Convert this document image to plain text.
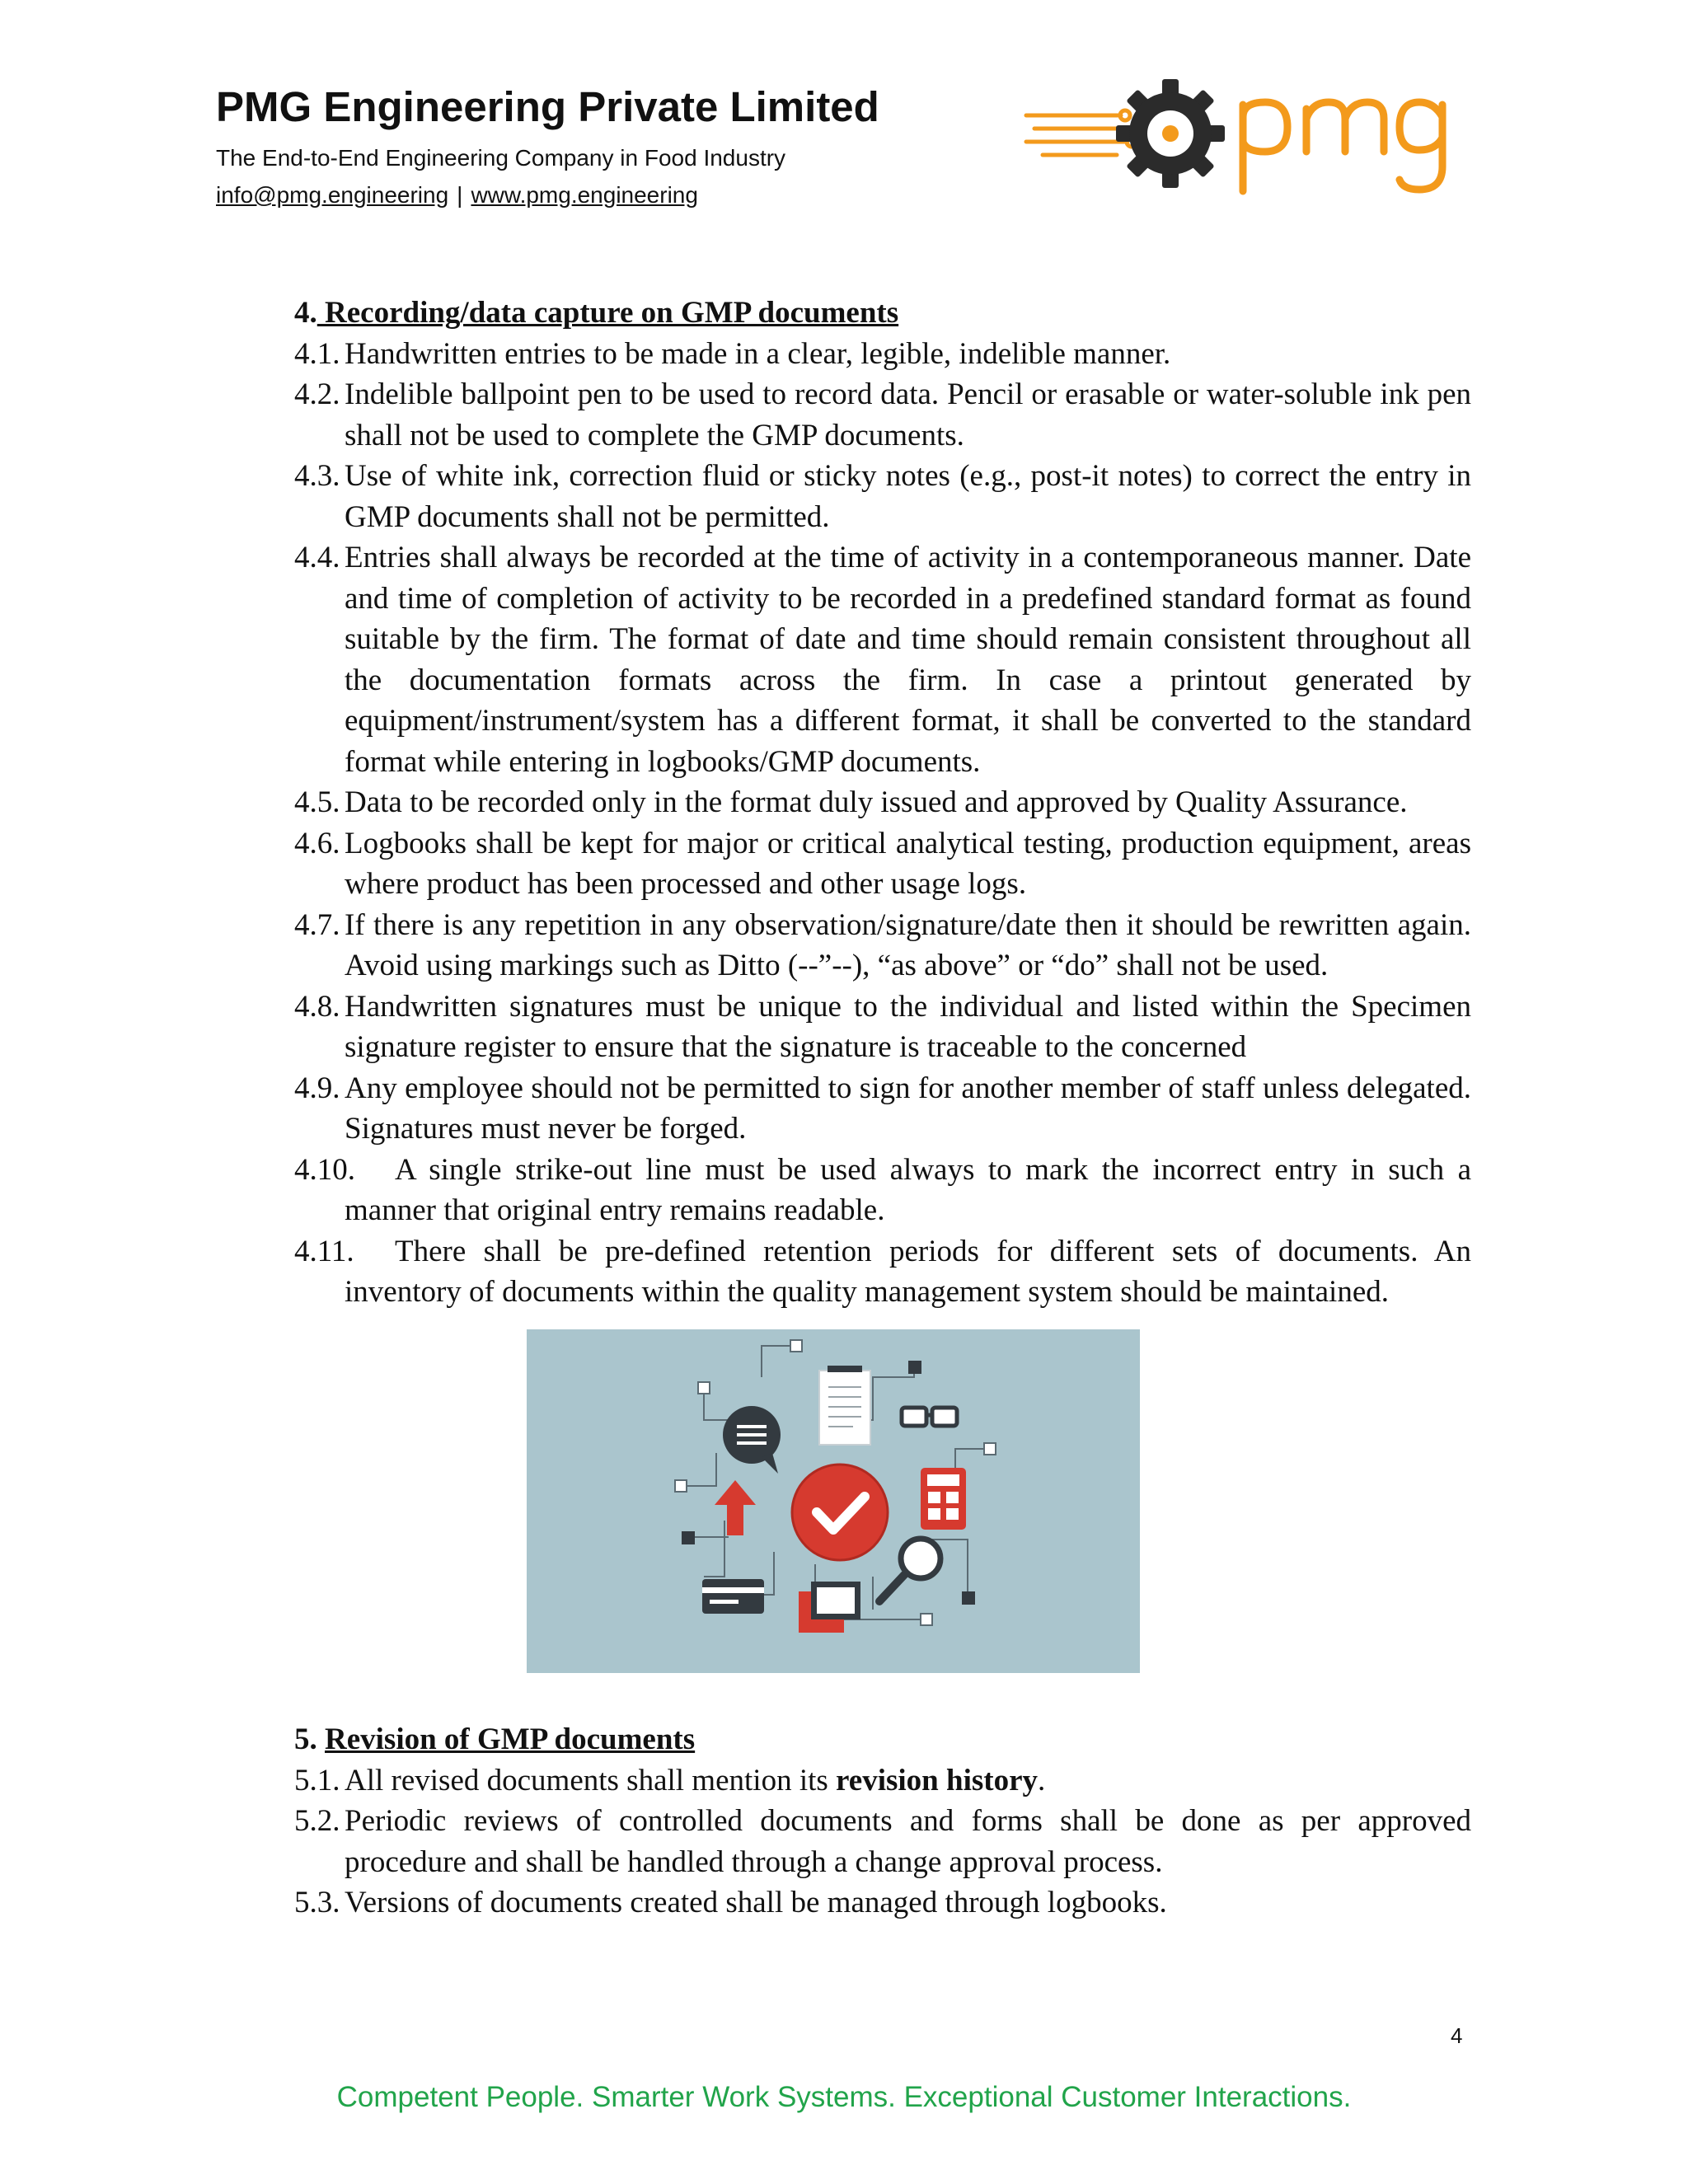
PMG Engineering Private Limited
The End-to-End Engineering Company in Food Industry
info@pmg.engineering | www.pmg.engineering
4. Recording/data capture on GMP documents
4.1. Handwritten entries to be made in a clear, legible, indelible manner.
4.2. Indelible ballpoint pen to be used to record data. Pencil or erasable or water-soluble ink pen shall not be used to complete the GMP documents.
4.3. Use of white ink, correction fluid or sticky notes (e.g., post-it notes) to correct the entry in GMP documents shall not be permitted.
4.4. Entries shall always be recorded at the time of activity in a contemporaneous manner. Date and time of completion of activity to be recorded in a predefined standard format as found suitable by the firm. The format of date and time should remain consistent throughout all the documentation formats across the firm. In case a printout generated by equipment/instrument/system has a different format, it shall be converted to the standard format while entering in logbooks/GMP documents.
4.5. Data to be recorded only in the format duly issued and approved by Quality Assurance.
4.6. Logbooks shall be kept for major or critical analytical testing, production equipment, areas where product has been processed and other usage logs.
4.7. If there is any repetition in any observation/signature/date then it should be rewritten again. Avoid using markings such as Ditto (--”--), “as above” or “do” shall not be used.
4.8. Handwritten signatures must be unique to the individual and listed within the Specimen signature register to ensure that the signature is traceable to the concerned
4.9. Any employee should not be permitted to sign for another member of staff unless delegated. Signatures must never be forged.
4.10.	A single strike-out line must be used always to mark the incorrect entry in such a manner that original entry remains readable.
4.11.	There shall be pre-defined retention periods for different sets of documents. An inventory of documents within the quality management system should be maintained.
5. Revision of GMP documents
5.1. All revised documents shall mention its revision history.
5.2. Periodic reviews of controlled documents and forms shall be done as per approved procedure and shall be handled through a change approval process.
5.3. Versions of documents created shall be managed through logbooks.
4
Competent People. Smarter Work Systems. Exceptional Customer Interactions.
